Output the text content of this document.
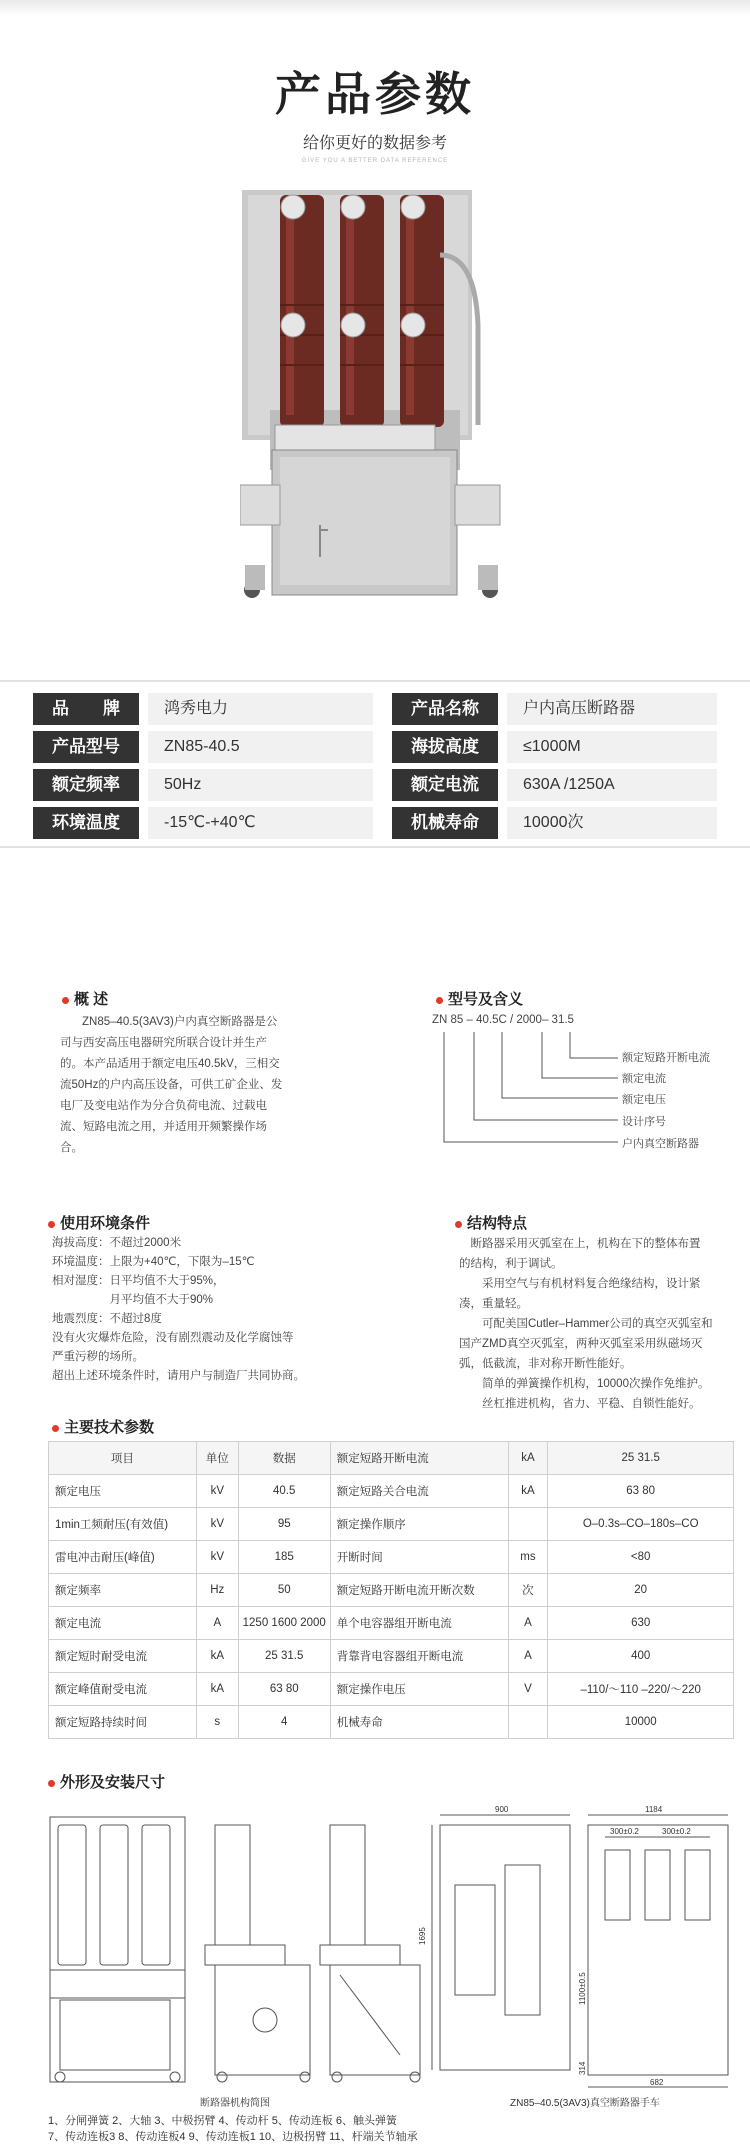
产品参数
给你更好的数据参考
GIVE YOU A BETTER DATA REFERENCE
品　　牌	鸿秀电力	产品名称	户内高压断路器
产品型号	ZN85-40.5	海拔高度	≤1000M
额定频率	50Hz	额定电流	630A /1250A
环境温度	-15℃-+40℃	机械寿命	10000次
概 述

ZN85–40.5(3AV3)户内真空断路器是公

司与西安高压电器研究所联合设计并生产

的。本产品适用于额定电压40.5kV，三相交

流50Hz的户内高压设备，可供工矿企业、发

电厂及变电站作为分合负荷电流、过载电

流、短路电流之用，并适用开频繁操作场

合。

型号及含义
ZN 85 – 40.5C / 2000– 31.5
额定短路开断电流
额定电流
额定电压
设计序号
户内真空断路器
使用环境条件

海拔高度：不超过2000米

环境温度：上限为+40℃，下限为–15℃

相对湿度：日平均值不大于95%，

　　　　　月平均值不大于90%

地震烈度：不超过8度

没有火灾爆炸危险，没有剧烈震动及化学腐蚀等

严重污秽的场所。

超出上述环境条件时，请用户与制造厂共同协商。

结构特点

　断路器采用灭弧室在上，机构在下的整体布置

的结构，利于调试。

　　采用空气与有机材料复合绝缘结构，设计紧

凑，重量轻。

　　可配美国Cutler–Hammer公司的真空灭弧室和

国产ZMD真空灭弧室，两种灭弧室采用纵磁场灭

弧，低截流，非对称开断性能好。

　　简单的弹簧操作机构，10000次操作免维护。

　　丝杠推进机构，省力、平稳、自锁性能好。

主要技术参数
项目	单位	数据	额定短路开断电流	kA	25 31.5
额定电压	kV	40.5	额定短路关合电流	kA	63 80
1min工频耐压(有效值)	kV	95	额定操作顺序		O–0.3s–CO–180s–CO
雷电冲击耐压(峰值)	kV	185	开断时间	ms	<80
额定频率	Hz	50	额定短路开断电流开断次数	次	20
额定电流	A	1250 1600 2000	单个电容器组开断电流	A	630
额定短时耐受电流	kA	25 31.5	背靠背电容器组开断电流	A	400
额定峰值耐受电流	kA	63 80	额定操作电压	V	–110/～110 –220/～220
额定短路持续时间	s	4	机械寿命		10000
外形及安装尺寸
900	1184
300±0.2	300±0.2
1695
1100±0.5
314
682
断路器机构简图	ZN85–40.5(3AV3)真空断路器手车
1、分闸弹簧 2、大轴 3、中极拐臂 4、传动杆 5、传动连板 6、触头弹簧
7、传动连板3 8、传动连板4 9、传动连板1 10、边极拐臂 11、杆端关节轴承
